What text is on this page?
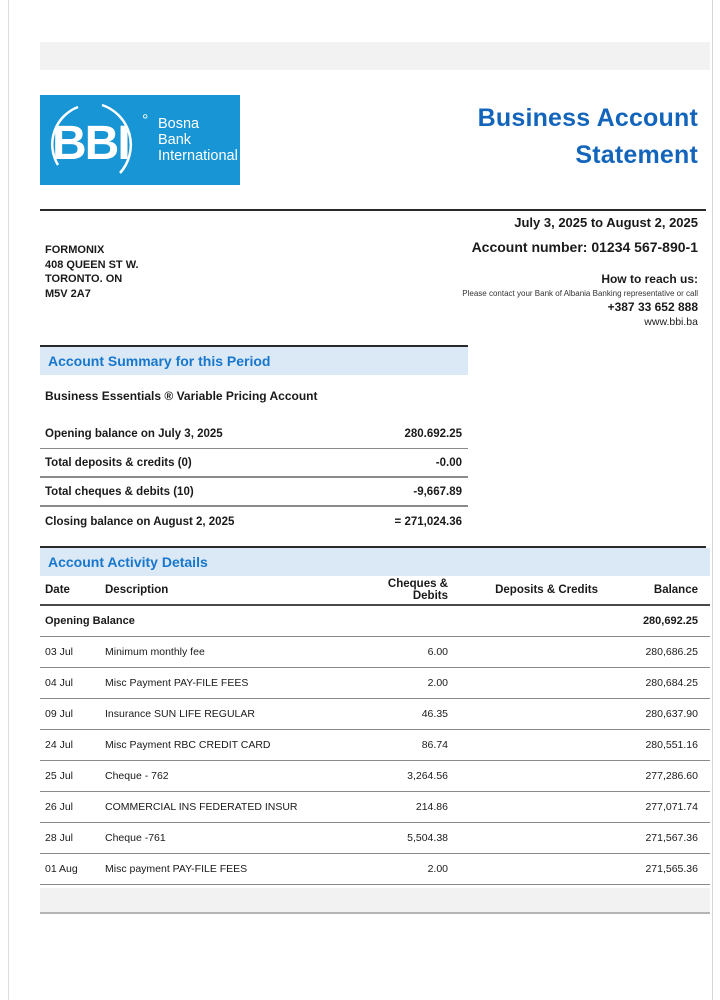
BBI ° Bosna
Bank
International
Business Account
Statement
July 3, 2025 to August 2, 2025
Account number: 01234 567-890-1
How to reach us:
Please contact your Bank of Albania Banking representative or call
+387 33 652 888
www.bbi.ba
FORMONIX
408 QUEEN ST W.
TORONTO. ON
M5V 2A7
Account Summary for this Period
Business Essentials ® Variable Pricing Account
Opening balance on July 3, 2025	280.692.25
Total deposits & credits (0)	-0.00
Total cheques & debits (10)	-9,667.89
Closing balance on August 2, 2025	= 271,024.36
Account Activity Details
Date	Description	Cheques & Debits	Deposits & Credits	Balance
Opening Balance				280,692.25
03 Jul	Minimum monthly fee	6.00		280,686.25
04 Jul	Misc Payment PAY-FILE FEES	2.00		280,684.25
09 Jul	Insurance SUN LIFE REGULAR	46.35		280,637.90
24 Jul	Misc Payment RBC CREDIT CARD	86.74		280,551.16
25 Jul	Cheque - 762	3,264.56		277,286.60
26 Jul	COMMERCIAL INS FEDERATED INSUR	214.86		277,071.74
28 Jul	Cheque -761	5,504.38		271,567.36
01 Aug	Misc payment PAY-FILE FEES	2.00		271,565.36
